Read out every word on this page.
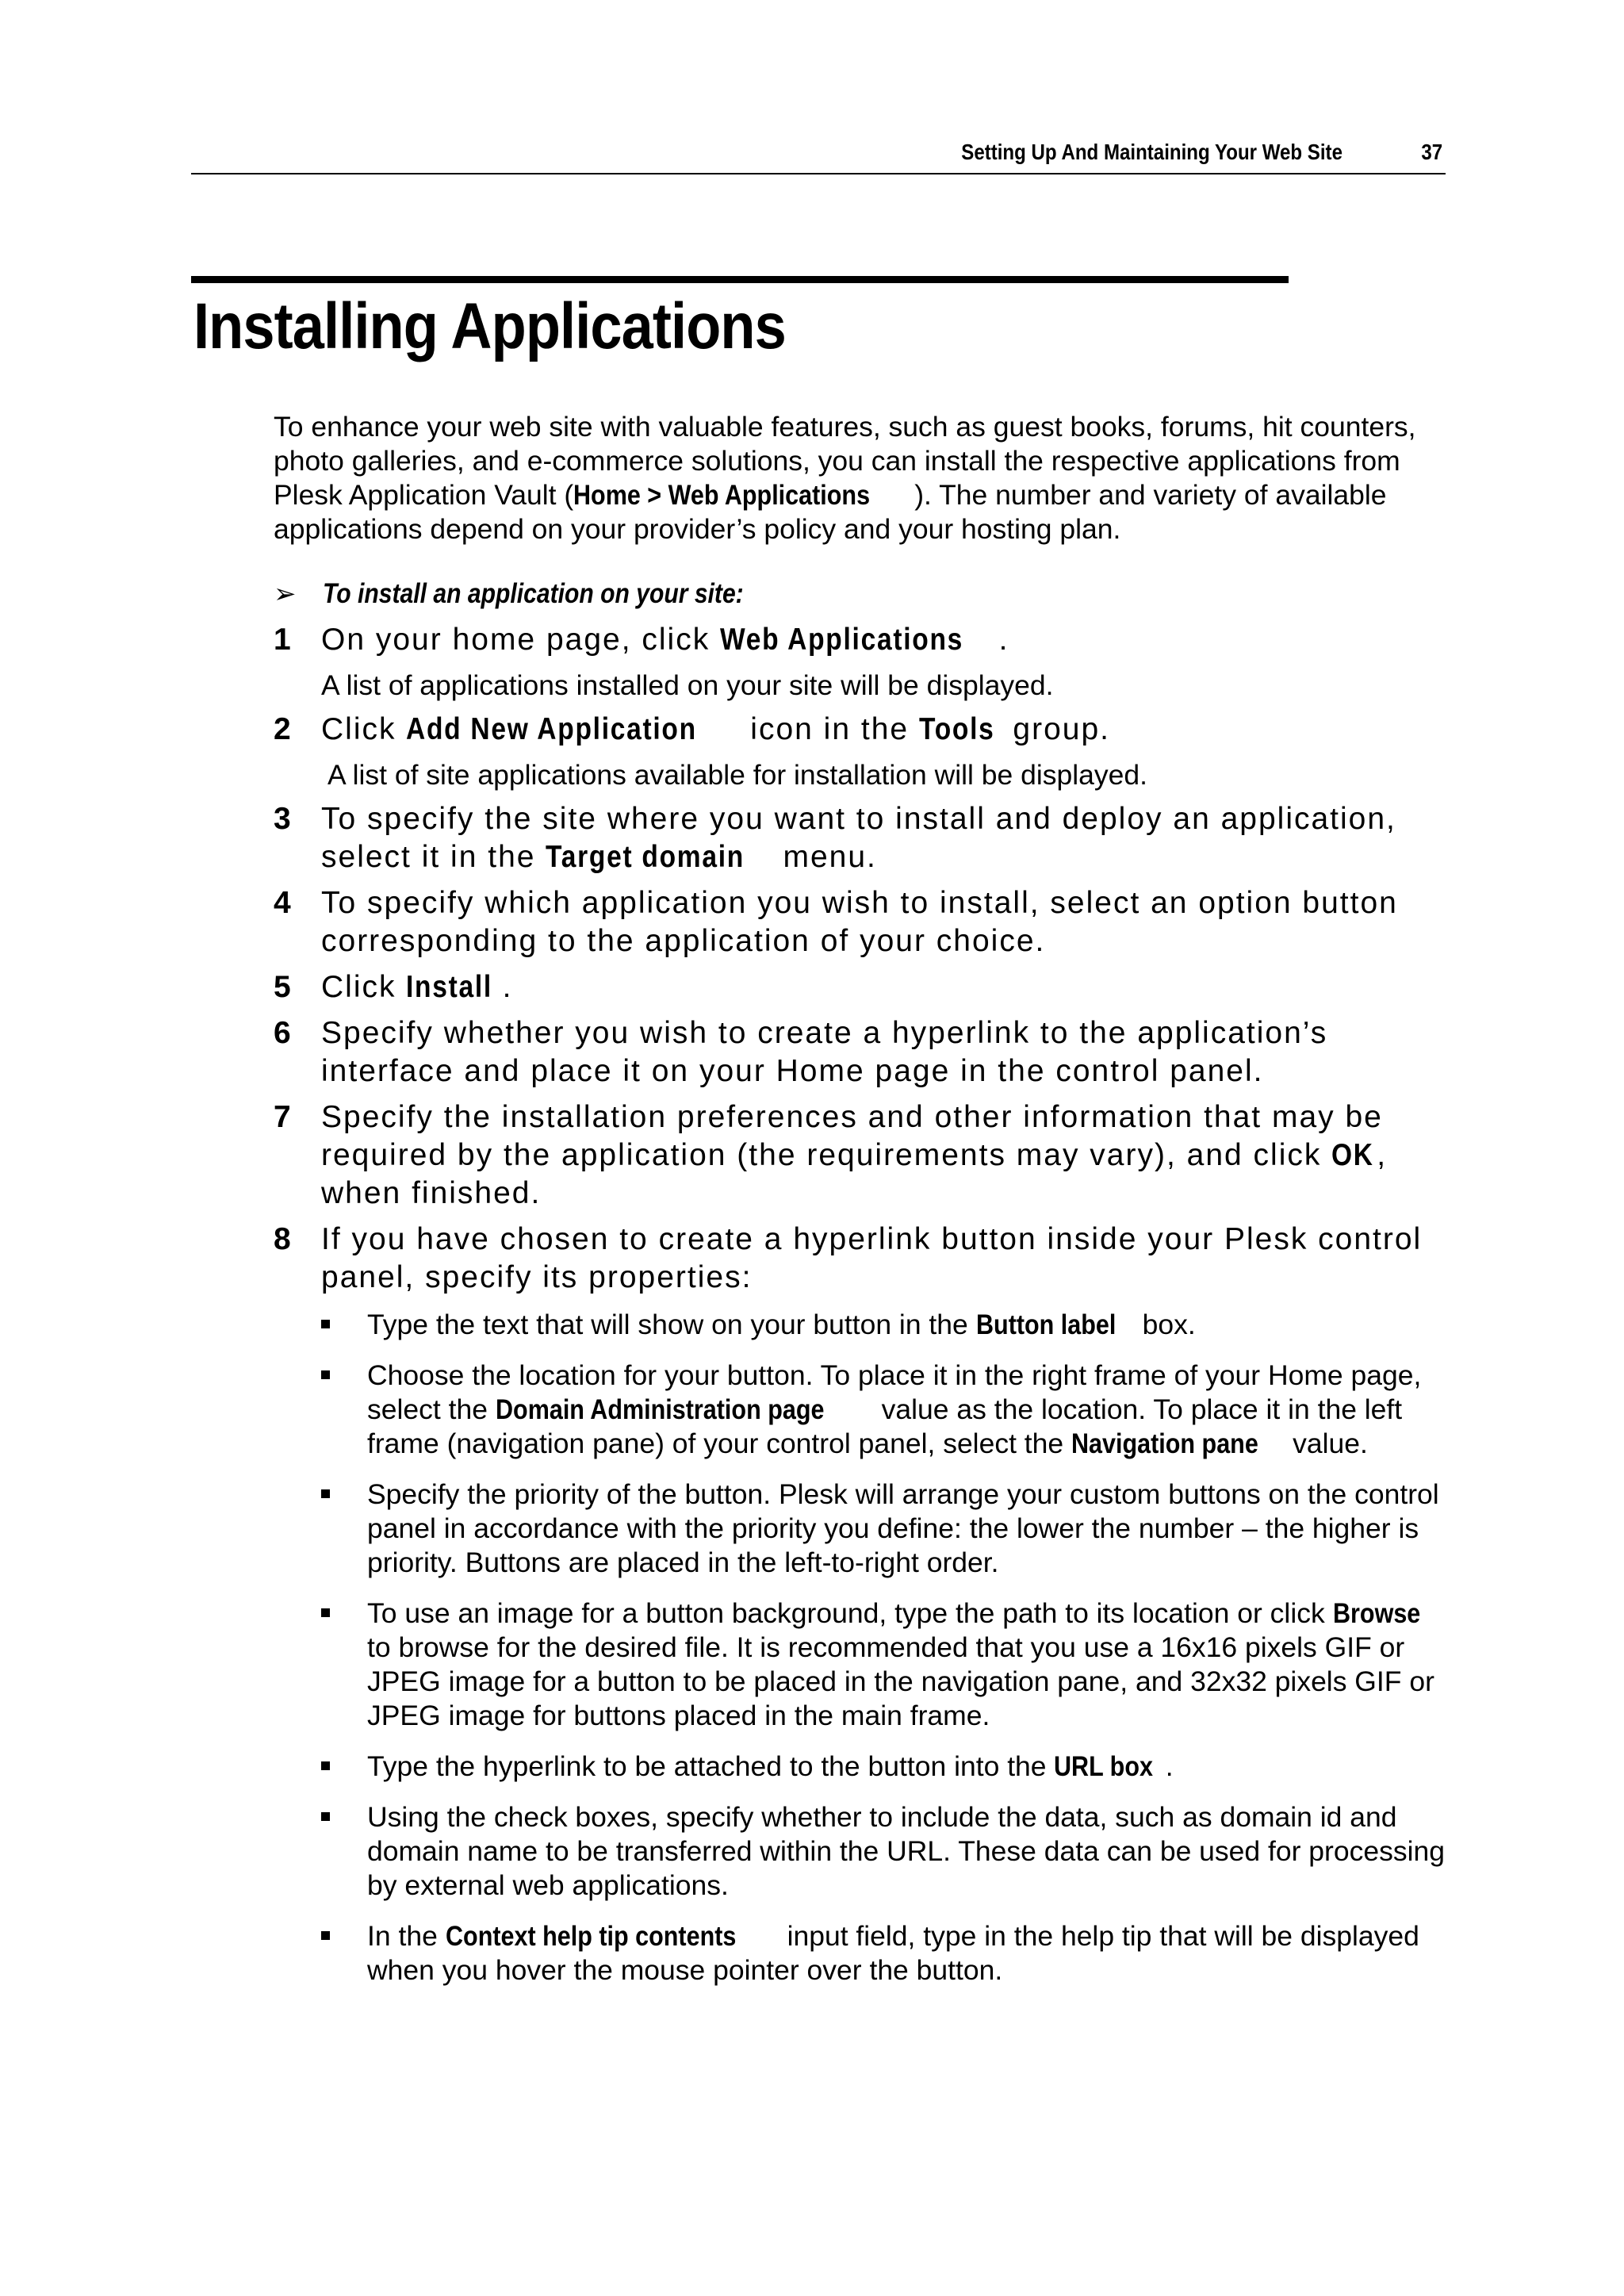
Setting Up And Maintaining Your Web Site	37
Installing Applications

To enhance your web site with valuable features, such as guest books, forums, hit counters, photo galleries, and e-commerce solutions, you can install the respective applications from Plesk Application Vault (Home > Web Applications ). The number and variety of available applications depend on your provider’s policy and your hosting plan.

➢ To install an application on your site:
1 On your home page, click Web Applications .
A list of applications installed on your site will be displayed.
2 Click Add New Application icon in the Tools group.
A list of site applications available for installation will be displayed.
3 To specify the site where you want to install and deploy an application, select it in the Target domain menu.
4 To specify which application you wish to install, select an option button corresponding to the application of your choice.
5 Click Install .
6 Specify whether you wish to create a hyperlink to the application’s interface and place it on your Home page in the control panel.
7 Specify the installation preferences and other information that may be required by the application (the requirements may vary), and click OK, when finished.
8 If you have chosen to create a hyperlink button inside your Plesk control panel, specify its properties:
Type the text that will show on your button in the Button label box.
Choose the location for your button. To place it in the right frame of your Home page, select the Domain Administration page value as the location. To place it in the left frame (navigation pane) of your control panel, select the Navigation pane value.
Specify the priority of the button. Plesk will arrange your custom buttons on the control panel in accordance with the priority you define: the lower the number – the higher is priority. Buttons are placed in the left-to-right order.
To use an image for a button background, type the path to its location or click Browse to browse for the desired file. It is recommended that you use a 16x16 pixels GIF or JPEG image for a button to be placed in the navigation pane, and 32x32 pixels GIF or JPEG image for buttons placed in the main frame.
Type the hyperlink to be attached to the button into the URL box .
Using the check boxes, specify whether to include the data, such as domain id and domain name to be transferred within the URL. These data can be used for processing by external web applications.
In the Context help tip contents input field, type in the help tip that will be displayed when you hover the mouse pointer over the button.
